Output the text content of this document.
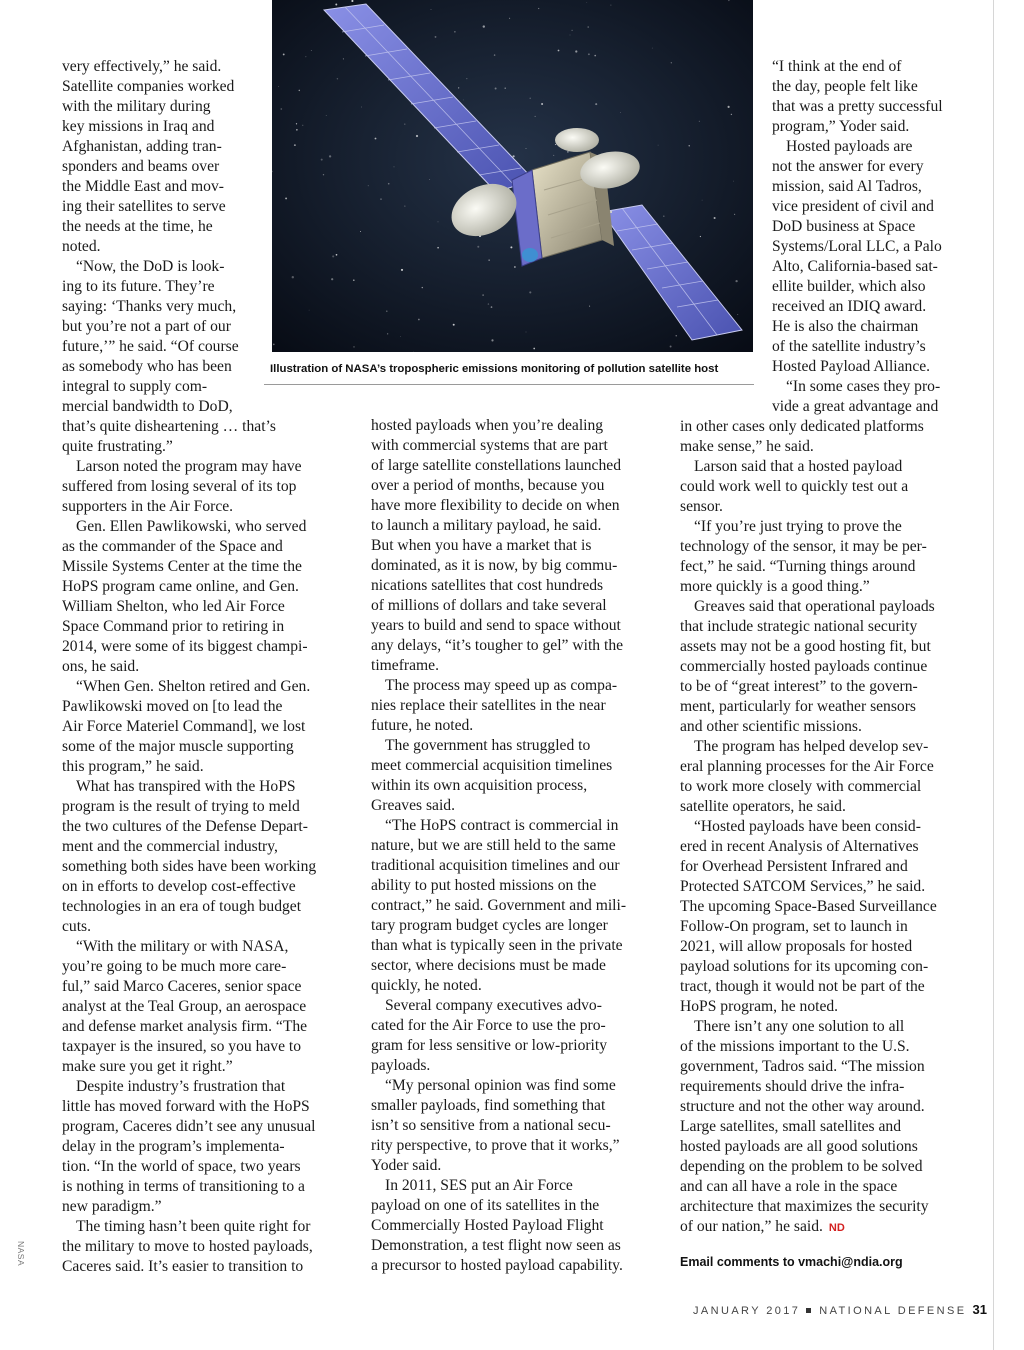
Illustration of NASA’s tropospheric emissions monitoring of pollution satellite host
NASA

very effectively,” he said.
Satellite companies worked
with the military during
key missions in Iraq and
Afghanistan, adding tran-
sponders and beams over
the Middle East and mov-
ing their satellites to serve
the needs at the time, he
noted.

“Now, the DoD is look-
ing to its future. They’re
saying: ‘Thanks very much,
but you’re not a part of our
future,’” he said. “Of course
as somebody who has been
integral to supply com-
mercial bandwidth to DoD,
that’s quite disheartening … that’s
quite frustrating.”

Larson noted the program may have
suffered from losing several of its top
supporters in the Air Force.

Gen. Ellen Pawlikowski, who served
as the commander of the Space and
Missile Systems Center at the time the
HoPS program came online, and Gen.
William Shelton, who led Air Force
Space Command prior to retiring in
2014, were some of its biggest champi-
ons, he said.

“When Gen. Shelton retired and Gen.
Pawlikowski moved on [to lead the
Air Force Materiel Command], we lost
some of the major muscle supporting
this program,” he said.

What has transpired with the HoPS
program is the result of trying to meld
the two cultures of the Defense Depart-
ment and the commercial industry,
something both sides have been working
on in efforts to develop cost-effective
technologies in an era of tough budget
cuts.

“With the military or with NASA,
you’re going to be much more care-
ful,” said Marco Caceres, senior space
analyst at the Teal Group, an aerospace
and defense market analysis firm. “The
taxpayer is the insured, so you have to
make sure you get it right.”

Despite industry’s frustration that
little has moved forward with the HoPS
program, Caceres didn’t see any unusual
delay in the program’s implementa-
tion. “In the world of space, two years
is nothing in terms of transitioning to a
new paradigm.”

The timing hasn’t been quite right for
the military to move to hosted payloads,
Caceres said. It’s easier to transition to

hosted payloads when you’re dealing
with commercial systems that are part
of large satellite constellations launched
over a period of months, because you
have more flexibility to decide on when
to launch a military payload, he said.
But when you have a market that is
dominated, as it is now, by big commu-
nications satellites that cost hundreds
of millions of dollars and take several
years to build and send to space without
any delays, “it’s tougher to gel” with the
timeframe.

The process may speed up as compa-
nies replace their satellites in the near
future, he noted.

The government has struggled to
meet commercial acquisition timelines
within its own acquisition process,
Greaves said.

“The HoPS contract is commercial in
nature, but we are still held to the same
traditional acquisition timelines and our
ability to put hosted missions on the
contract,” he said. Government and mili-
tary program budget cycles are longer
than what is typically seen in the private
sector, where decisions must be made
quickly, he noted.

Several company executives advo-
cated for the Air Force to use the pro-
gram for less sensitive or low-priority
payloads.

“My personal opinion was find some
smaller payloads, find something that
isn’t so sensitive from a national secu-
rity perspective, to prove that it works,”
Yoder said.

In 2011, SES put an Air Force
payload on one of its satellites in the
Commercially Hosted Payload Flight
Demonstration, a test flight now seen as
a precursor to hosted payload capability.

“I think at the end of
the day, people felt like
that was a pretty successful
program,” Yoder said.

Hosted payloads are
not the answer for every
mission, said Al Tadros,
vice president of civil and
DoD business at Space
Systems/Loral LLC, a Palo
Alto, California-based sat-
ellite builder, which also
received an IDIQ award.
He is also the chairman
of the satellite industry’s
Hosted Payload Alliance.

“In some cases they pro-
vide a great advantage and
in other cases only dedicated platforms
make sense,” he said.

Larson said that a hosted payload
could work well to quickly test out a
sensor.

“If you’re just trying to prove the
technology of the sensor, it may be per-
fect,” he said. “Turning things around
more quickly is a good thing.”

Greaves said that operational payloads
that include strategic national security
assets may not be a good hosting fit, but
commercially hosted payloads continue
to be of “great interest” to the govern-
ment, particularly for weather sensors
and other scientific missions.

The program has helped develop sev-
eral planning processes for the Air Force
to work more closely with commercial
satellite operators, he said.

“Hosted payloads have been consid-
ered in recent Analysis of Alternatives
for Overhead Persistent Infrared and
Protected SATCOM Services,” he said.
The upcoming Space-Based Surveillance
Follow-On program, set to launch in
2021, will allow proposals for hosted
payload solutions for its upcoming con-
tract, though it would not be part of the
HoPS program, he noted.

There isn’t any one solution to all
of the missions important to the U.S.
government, Tadros said. “The mission
requirements should drive the infra-
structure and not the other way around.
Large satellites, small satellites and
hosted payloads are all good solutions
depending on the problem to be solved
and can all have a role in the space
architecture that maximizes the security
of our nation,” he said. ND

Email comments to vmachi@ndia.org
JANUARY 2017 NATIONAL DEFENSE 31
